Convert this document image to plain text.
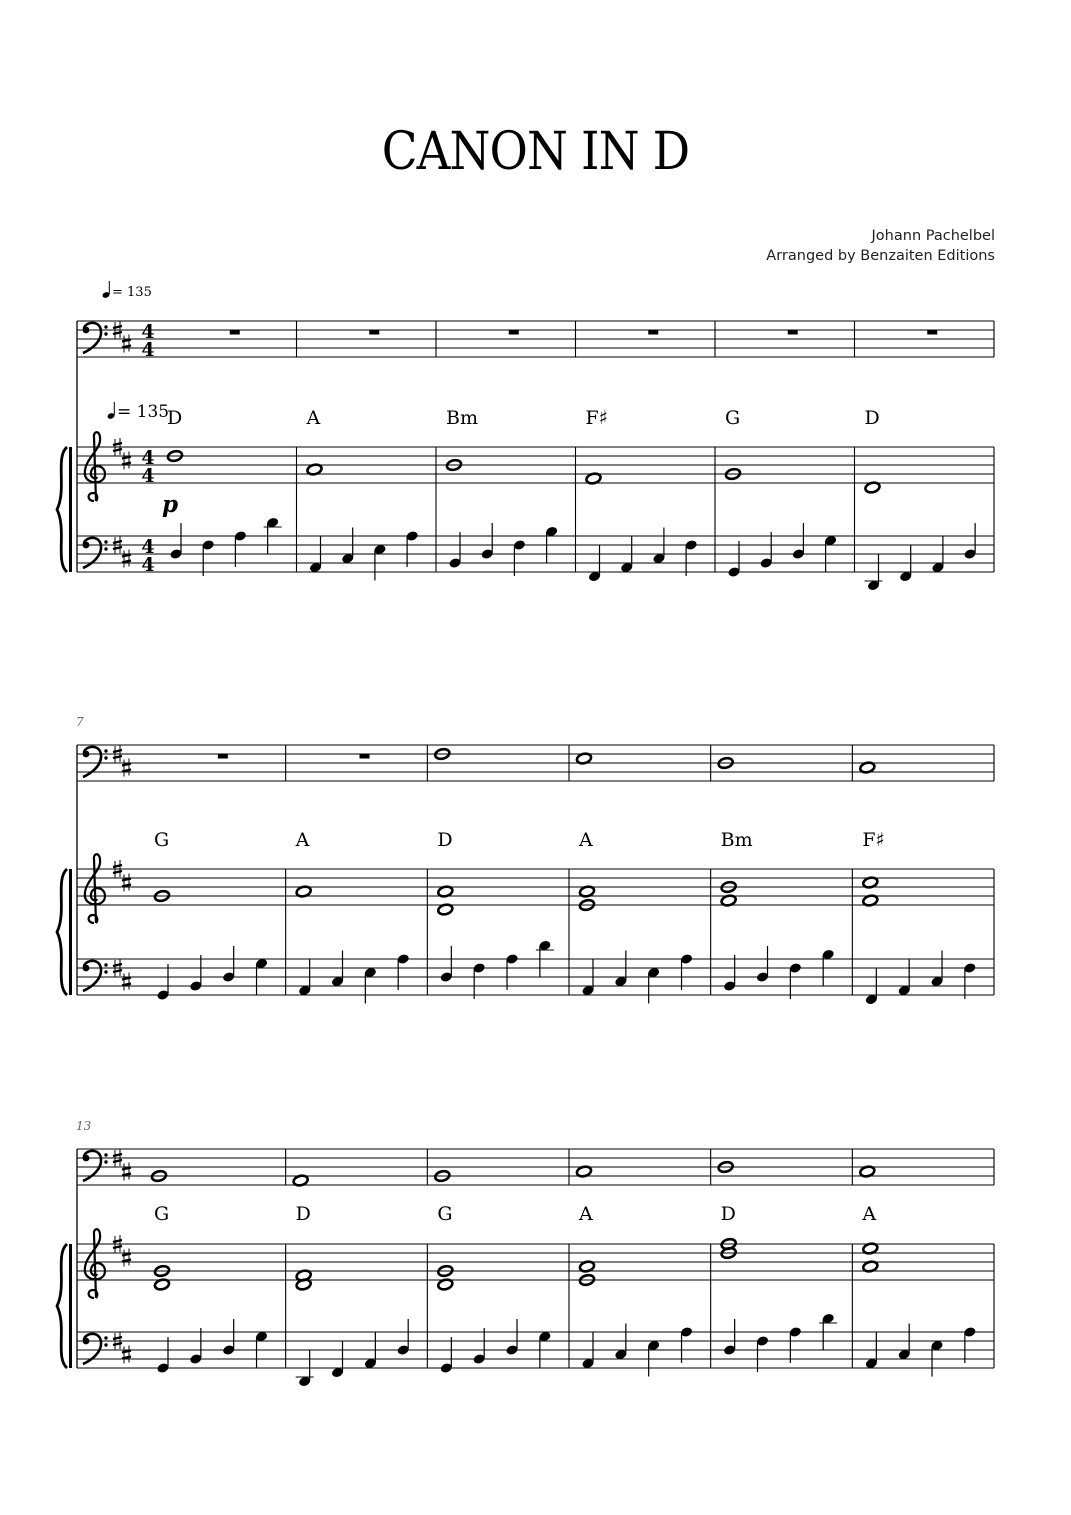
CANON IN D
Johann Pachelbel
Arranged by Benzaiten Editions
4
4
4
4
4
4
D	A	Bm	F♯	G	D
= 135
= 135
p
7
G	A	D	A	Bm	F♯
13
G	D	G	A	D	A
